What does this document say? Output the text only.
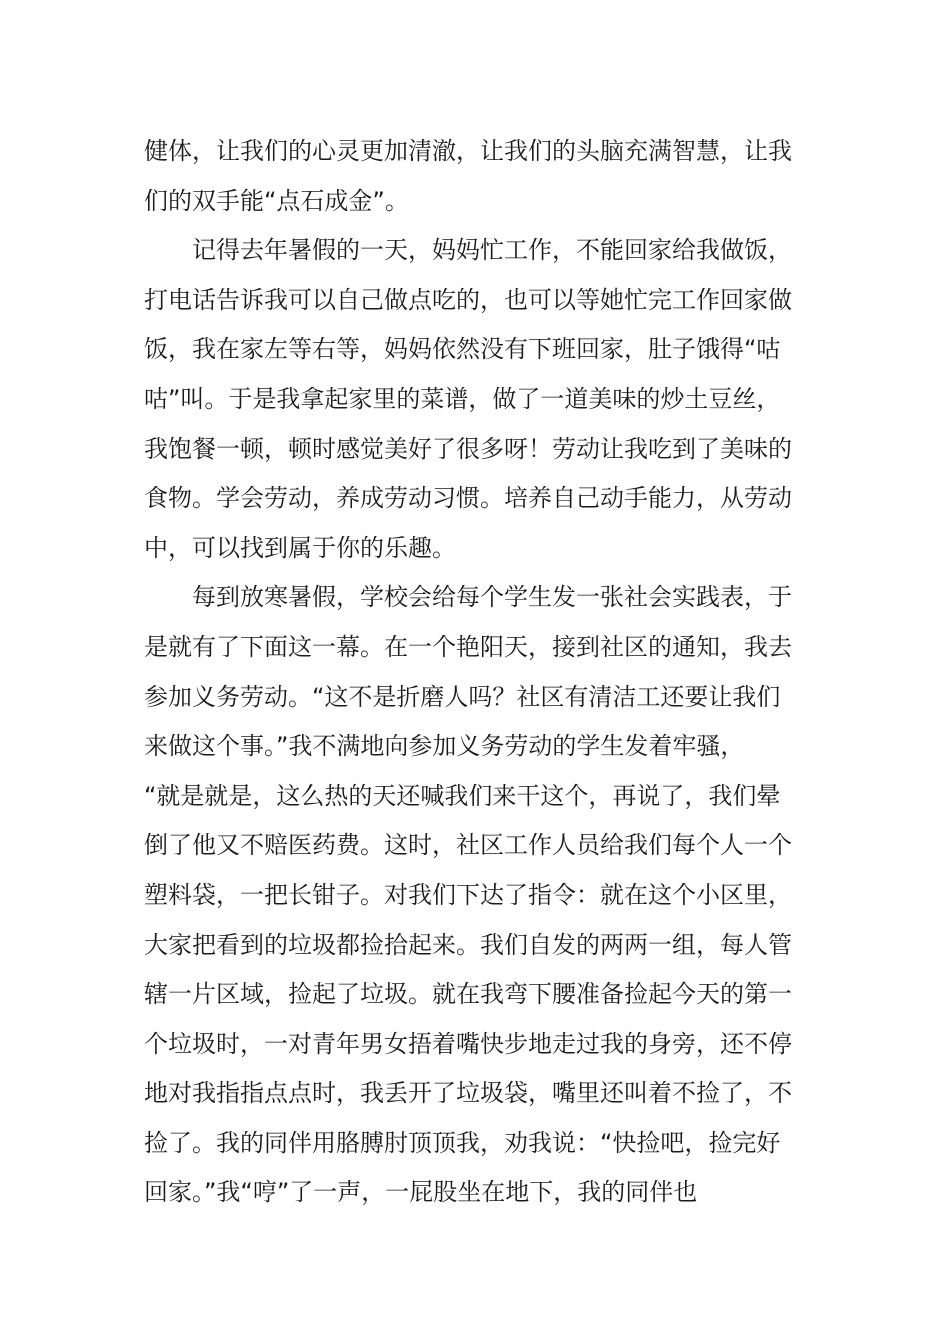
健体，让我们的心灵更加清澈，让我们的头脑充满智慧，让我
们的双手能“点石成金”。
　　记得去年暑假的一天，妈妈忙工作，不能回家给我做饭，
打电话告诉我可以自己做点吃的，也可以等她忙完工作回家做
饭，我在家左等右等，妈妈依然没有下班回家，肚子饿得“咕
咕”叫。于是我拿起家里的菜谱，做了一道美味的炒土豆丝，
我饱餐一顿，顿时感觉美好了很多呀！劳动让我吃到了美味的
食物。学会劳动，养成劳动习惯。培养自己动手能力，从劳动
中，可以找到属于你的乐趣。
　　每到放寒暑假，学校会给每个学生发一张社会实践表，于
是就有了下面这一幕。在一个艳阳天，接到社区的通知，我去
参加义务劳动。“这不是折磨人吗？社区有清洁工还要让我们
来做这个事。”我不满地向参加义务劳动的学生发着牢骚，
“就是就是，这么热的天还喊我们来干这个，再说了，我们晕
倒了他又不赔医药费。这时，社区工作人员给我们每个人一个
塑料袋，一把长钳子。对我们下达了指令：就在这个小区里，
大家把看到的垃圾都捡拾起来。我们自发的两两一组，每人管
辖一片区域，捡起了垃圾。就在我弯下腰准备捡起今天的第一
个垃圾时，一对青年男女捂着嘴快步地走过我的身旁，还不停
地对我指指点点时，我丢开了垃圾袋，嘴里还叫着不捡了，不
捡了。我的同伴用胳膊肘顶顶我，劝我说：“快捡吧，捡完好
回家。”我“哼”了一声，一屁股坐在地下，我的同伴也
